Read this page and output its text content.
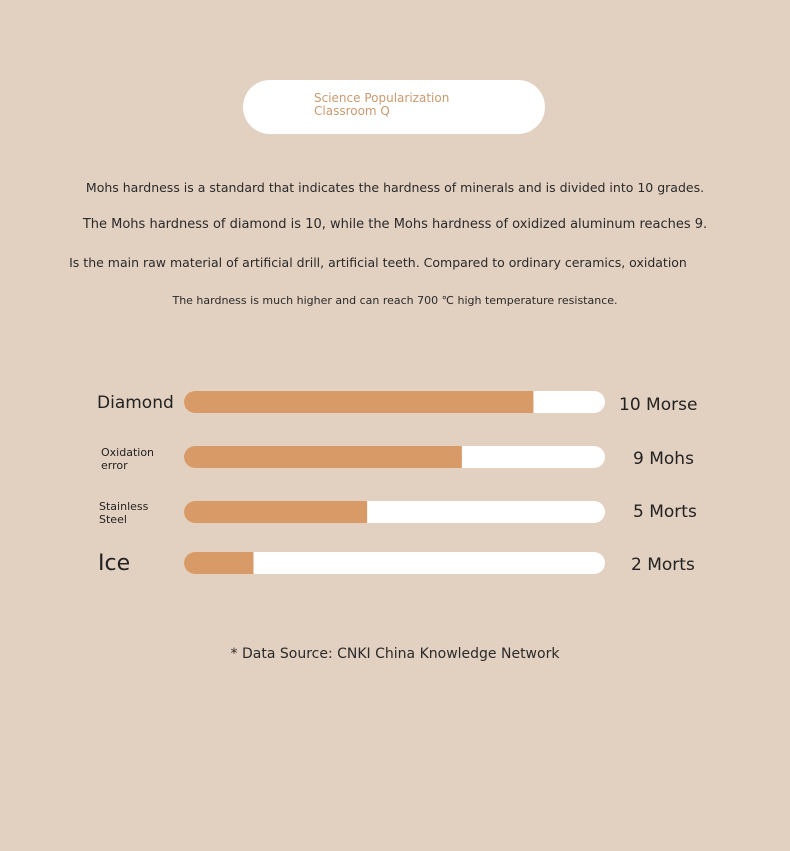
Science Popularization Classroom Q
Mohs hardness is a standard that indicates the hardness of minerals and is divided into 10 grades.
The Mohs hardness of diamond is 10, while the Mohs hardness of oxidized aluminum reaches 9.
Is the main raw material of artificial drill, artificial teeth. Compared to ordinary ceramics, oxidation
The hardness is much higher and can reach 700 ℃ high temperature resistance.
Diamond	10 Morse
Oxidation error	9 Mohs
Stainless Steel	5 Morts
Ice	2 Morts
* Data Source: CNKI China Knowledge Network
